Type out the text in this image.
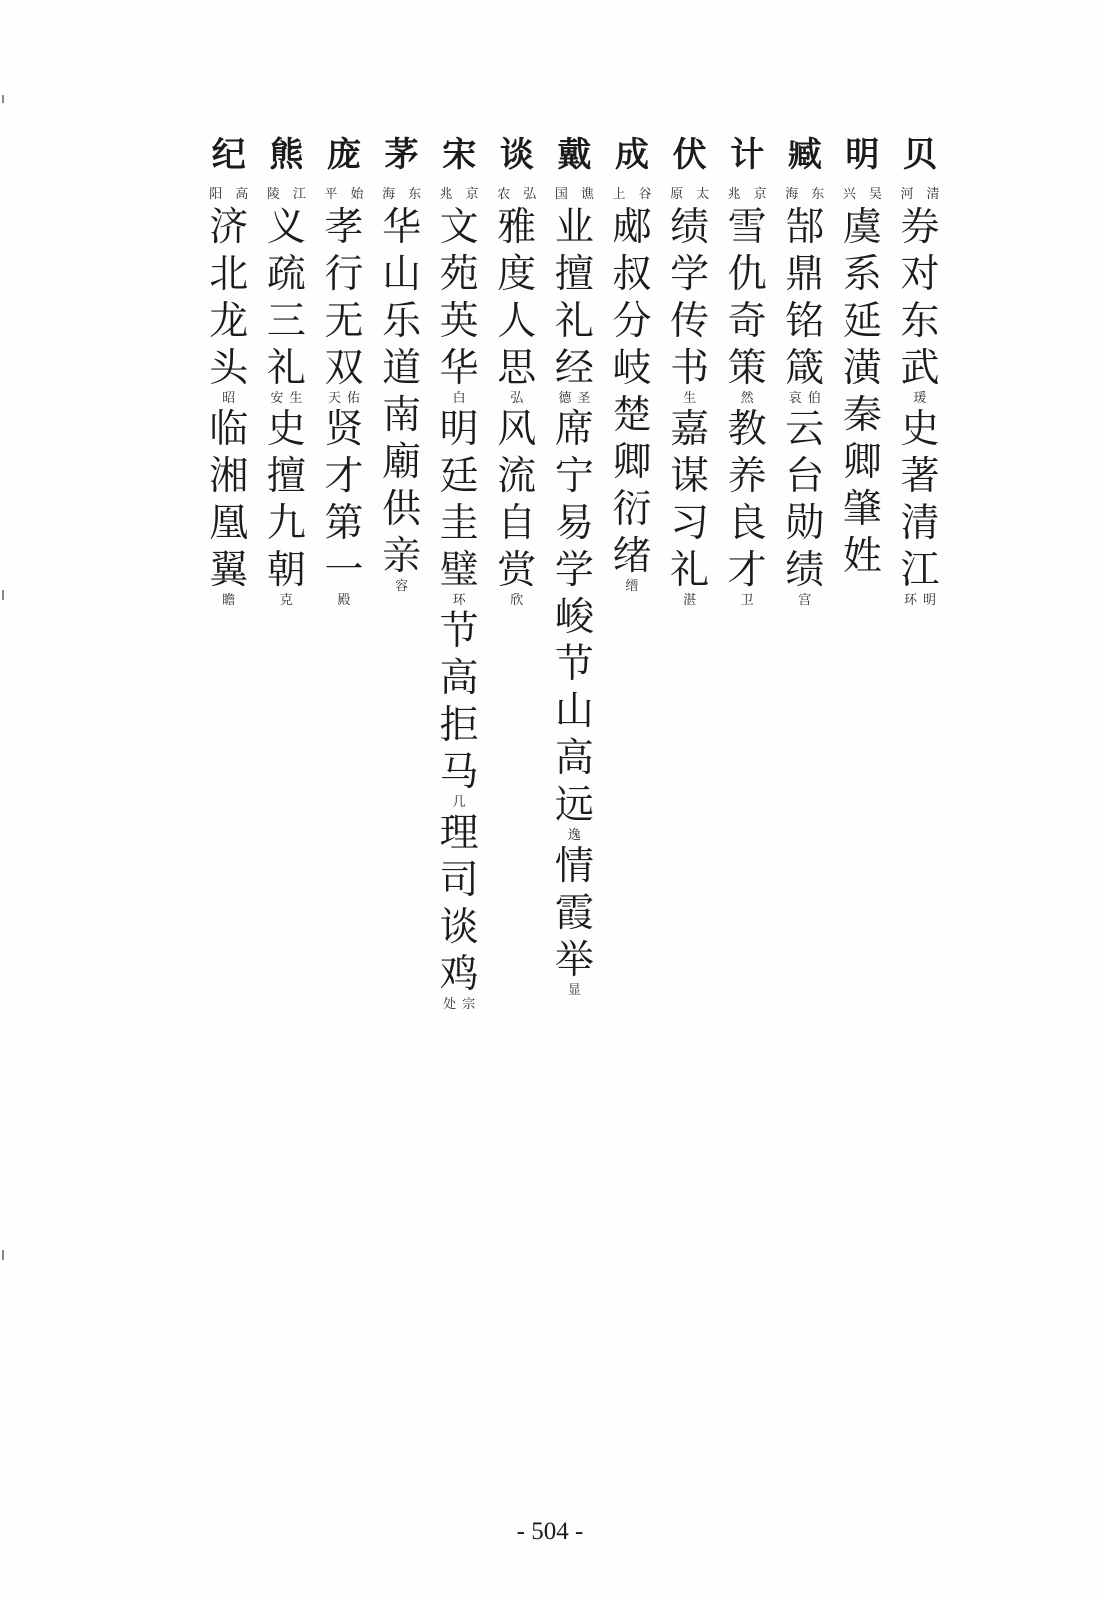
贝
河 清
券
对
东
武
瑗
史
著
清
江
环 明
明
兴 吴
虞
系
延
潢
秦
卿
肇
姓
臧
海 东
郜
鼎
铭
箴
哀 伯
云
台
勋
绩
宫
计
兆 京
雪
仇
奇
策
然
教
养
良
才
卫
伏
原 太
绩
学
传
书
生
嘉
谋
习
礼
湛
成
上 谷
郕
叔
分
岐
楚
卿
衍
绪
缙
戴
国 谯
业
擅
礼
经
德 圣
席
宁
易
学
峻
节
山
高
远
逸
情
霞
举
显
谈
农 弘
雅
度
人
思
弘
风
流
自
赏
欣
宋
兆 京
文
苑
英
华
白
明
廷
圭
璧
环
节
高
拒
马
几
理
司
谈
鸡
处 宗
茅
海 东
华
山
乐
道
南
廟
供
亲
容
庞
平 始
孝
行
无
双
天 佑
贤
才
第
一
殿
熊
陵 江
义
疏
三
礼
安 生
史
擅
九
朝
克
纪
阳 高
济
北
龙
头
昭
临
湘
凰
翼
瞻
- 504 -
